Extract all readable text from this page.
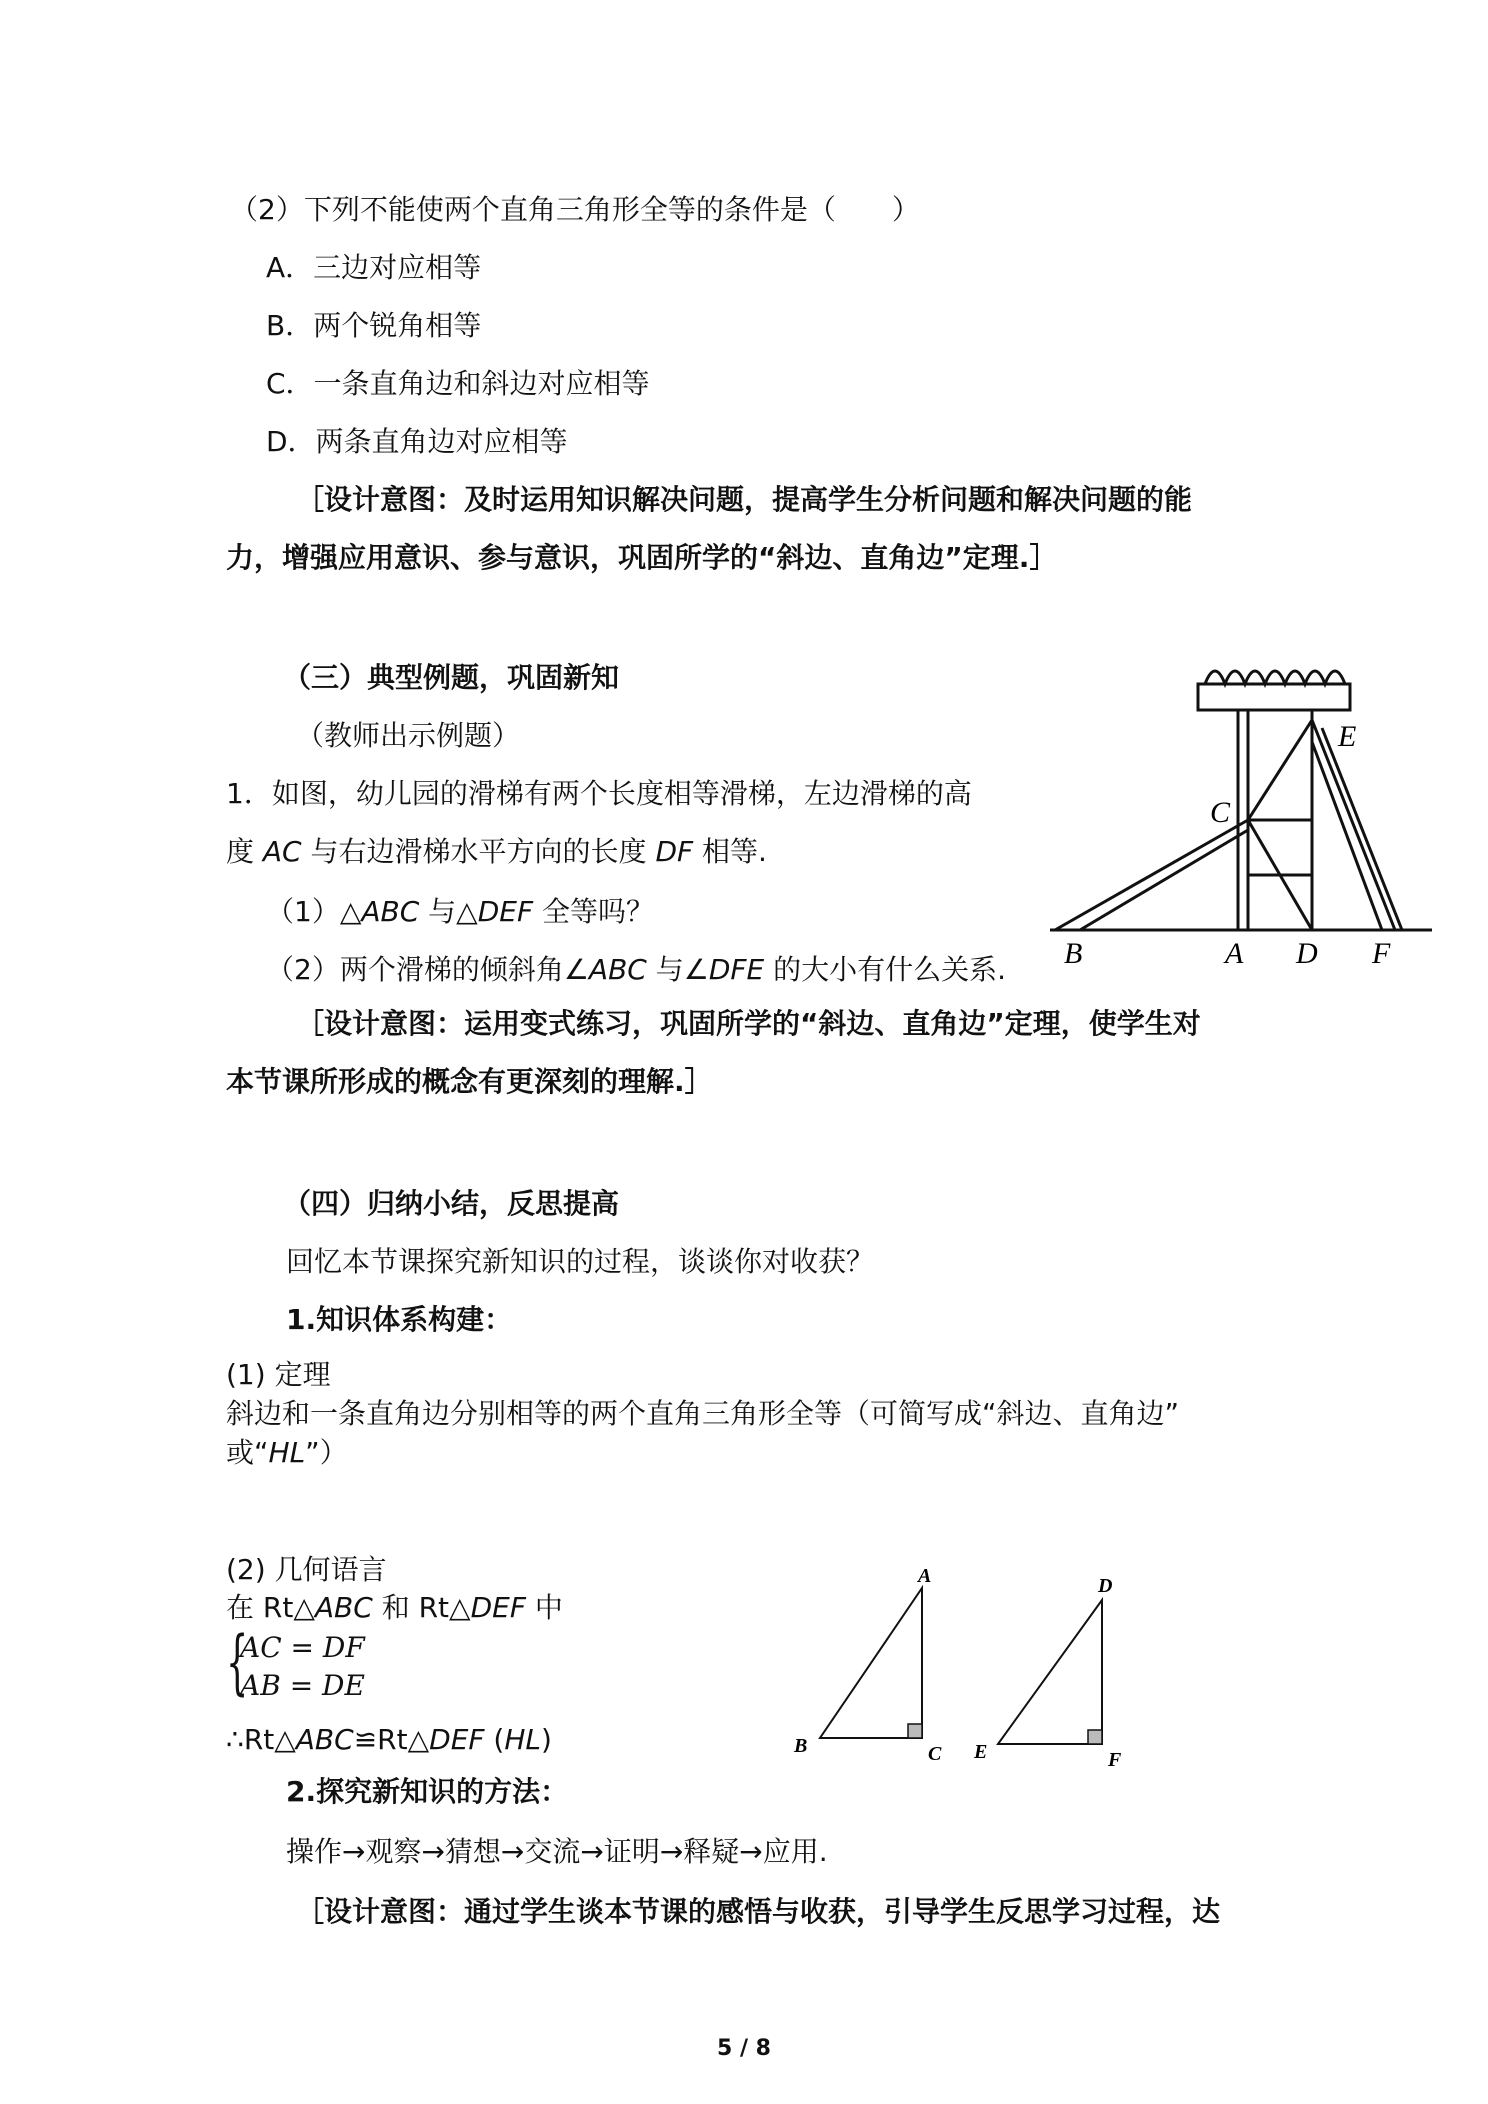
（2）下列不能使两个直角三角形全等的条件是（　　）
A．三边对应相等
B．两个锐角相等
C．一条直角边和斜边对应相等
D．两条直角边对应相等
［设计意图：及时运用知识解决问题，提高学生分析问题和解决问题的能
力，增强应用意识、参与意识，巩固所学的“斜边、直角边”定理.］
（三）典型例题，巩固新知
（教师出示例题）
1．如图，幼儿园的滑梯有两个长度相等滑梯，左边滑梯的高
度 AC 与右边滑梯水平方向的长度 DF 相等.
（1）△ABC 与△DEF 全等吗？
（2）两个滑梯的倾斜角∠ABC 与∠DFE 的大小有什么关系. B	A D F
C
E
［设计意图：运用变式练习，巩固所学的“斜边、直角边”定理，使学生对
本节课所形成的概念有更深刻的理解.］
（四）归纳小结，反思提高
回忆本节课探究新知识的过程，谈谈你对收获？
1.知识体系构建：
(1) 定理
斜边和一条直角边分别相等的两个直角三角形全等（可简写成“斜边、直角边”
或“HL”）
(2) 几何语言
在 Rt△ABC 和 Rt△DEF 中
{
AC = DF
AB = DE
∴Rt△ABC≌Rt△DEF (HL)
A
B	C
D
E	F
2.探究新知识的方法：
操作→观察→猜想→交流→证明→释疑→应用.
［设计意图：通过学生谈本节课的感悟与收获，引导学生反思学习过程，达
5 / 8
